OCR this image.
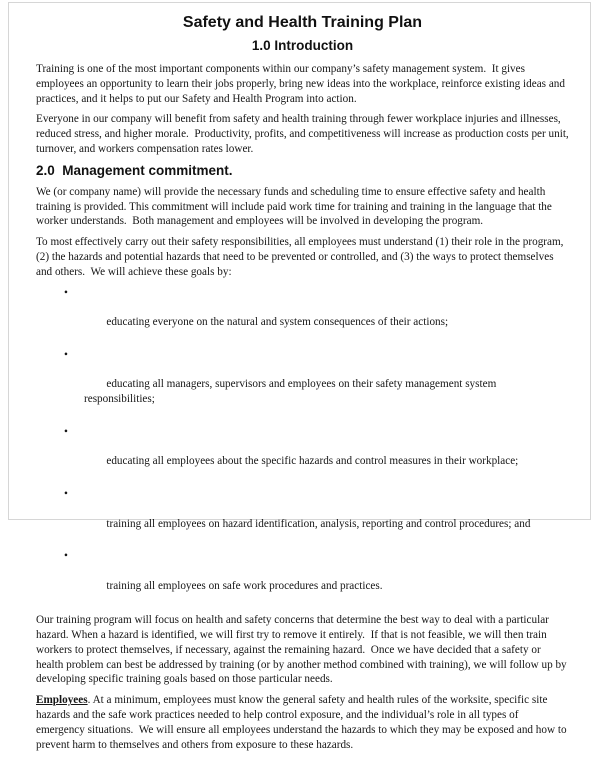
Safety and Health Training Plan
1.0 Introduction
Training is one of the most important components within our company’s safety management system.  It gives employees an opportunity to learn their jobs properly, bring new ideas into the workplace, reinforce existing ideas and practices, and it helps to put our Safety and Health Program into action.
Everyone in our company will benefit from safety and health training through fewer workplace injuries and illnesses, reduced stress, and higher morale.  Productivity, profits, and competitiveness will increase as production costs per unit, turnover, and workers compensation rates lower.
2.0  Management commitment.
We (or company name) will provide the necessary funds and scheduling time to ensure effective safety and health training is provided. This commitment will include paid work time for training and training in the language that the worker understands.  Both management and employees will be involved in developing the program.
To most effectively carry out their safety responsibilities, all employees must understand (1) their role in the program, (2) the hazards and potential hazards that need to be prevented or controlled, and (3) the ways to protect themselves and others.  We will achieve these goals by:

•

educating everyone on the natural and system consequences of their actions;

•

educating all managers, supervisors and employees on their safety management system responsibilities;

•

educating all employees about the specific hazards and control measures in their workplace;

•

training all employees on hazard identification, analysis, reporting and control procedures; and

•

training all employees on safe work procedures and practices.

Our training program will focus on health and safety concerns that determine the best way to deal with a particular hazard. When a hazard is identified, we will first try to remove it entirely.  If that is not feasible, we will then train workers to protect themselves, if necessary, against the remaining hazard.  Once we have decided that a safety or health problem can best be addressed by training (or by another method combined with training), we will follow up by developing specific training goals based on those particular needs.
Employees. At a minimum, employees must know the general safety and health rules of the worksite, specific site hazards and the safe work practices needed to help control exposure, and the individual’s role in all types of emergency situations.  We will ensure all employees understand the hazards to which they may be exposed and how to prevent harm to themselves and others from exposure to these hazards.
